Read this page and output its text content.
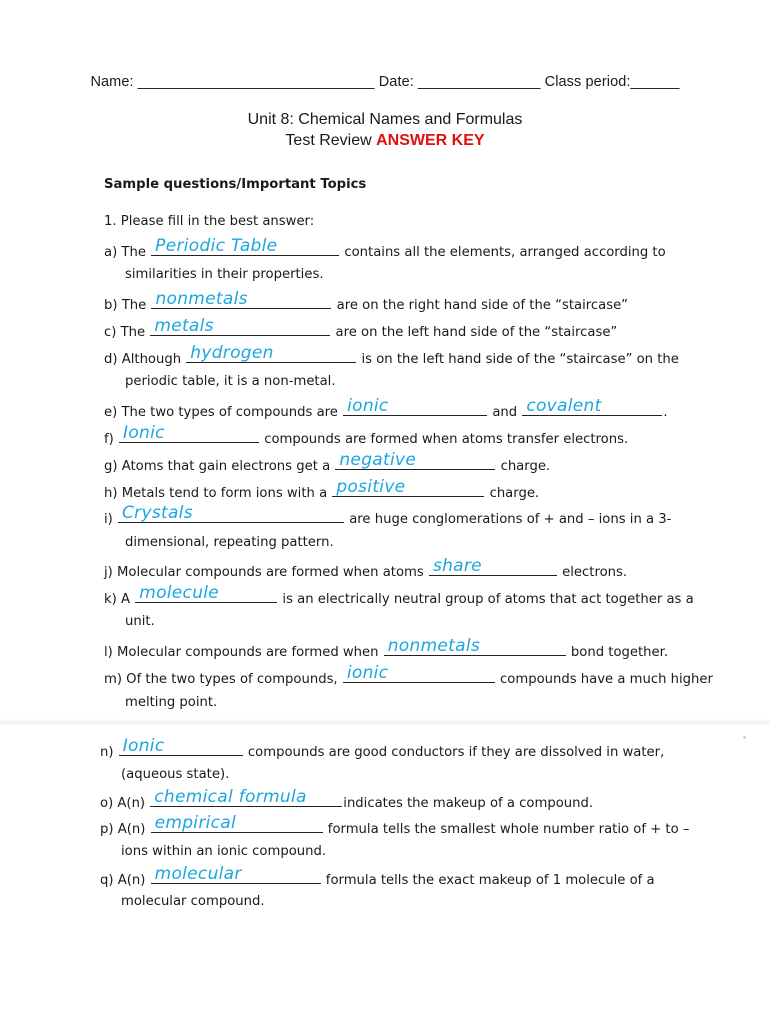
Name: _____________________________ Date: _______________ Class period:______
Unit 8: Chemical Names and Formulas
Test Review ANSWER KEY
Sample questions/Important Topics
1. Please fill in the best answer:
a) The Periodic Table	contains all the elements, arranged according to
similarities in their properties.
b) The nonmetals	are on the right hand side of the “staircase”
c) The metals	are on the left hand side of the “staircase”
d) Although hydrogen	is on the left hand side of the “staircase” on the
periodic table, it is a non-metal.
e) The two types of compounds are ionic	and covalent	.
f) Ionic	compounds are formed when atoms transfer electrons.
g) Atoms that gain electrons get a negative	charge.
h) Metals tend to form ions with a positive	charge.
i) Crystals	are huge conglomerations of + and – ions in a 3-
dimensional, repeating pattern.
j) Molecular compounds are formed when atoms share	electrons.
k) A molecule	is an electrically neutral group of atoms that act together as a
unit.
l) Molecular compounds are formed when nonmetals	bond together.
m) Of the two types of compounds, ionic	compounds have a much higher
melting point.
n) Ionic	compounds are good conductors if they are dissolved in water,
(aqueous state).
o) A(n) chemical formula	indicates the makeup of a compound.
p) A(n) empirical	formula tells the smallest whole number ratio of + to –
ions within an ionic compound.
q) A(n) molecular	formula tells the exact makeup of 1 molecule of a
molecular compound.
